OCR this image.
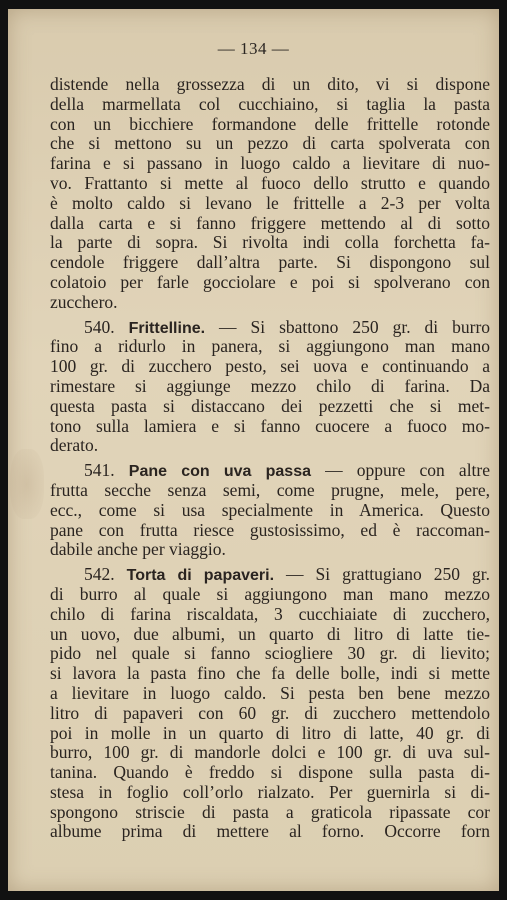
— 134 —
distende nella grossezza di un dito, vi si dispone
della marmellata col cucchiaino, si taglia la pasta
con un bicchiere formandone delle frittelle rotonde
che si mettono su un pezzo di carta spolverata con
farina e si passano in luogo caldo a lievitare di nuo-
vo. Frattanto si mette al fuoco dello strutto e quando
è molto caldo si levano le frittelle a 2-3 per volta
dalla carta e si fanno friggere mettendo al di sotto
la parte di sopra. Si rivolta indi colla forchetta fa-
cendole friggere dall’altra parte. Si dispongono sul
colatoio per farle gocciolare e poi si spolverano con
zucchero.
540. Frittelline. — Si sbattono 250 gr. di burro
fino a ridurlo in panera, si aggiungono man mano
100 gr. di zucchero pesto, sei uova e continuando a
rimestare si aggiunge mezzo chilo di farina. Da
questa pasta si distaccano dei pezzetti che si met-
tono sulla lamiera e si fanno cuocere a fuoco mo-
derato.
541. Pane con uva passa — oppure con altre
frutta secche senza semi, come prugne, mele, pere,
ecc., come si usa specialmente in America. Questo
pane con frutta riesce gustosissimo, ed è raccoman-
dabile anche per viaggio.
542. Torta di papaveri. — Si grattugiano 250 gr.
di burro al quale si aggiungono man mano mezzo
chilo di farina riscaldata, 3 cucchiaiate di zucchero,
un uovo, due albumi, un quarto di litro di latte tie-
pido nel quale si fanno sciogliere 30 gr. di lievito;
si lavora la pasta fino che fa delle bolle, indi si mette
a lievitare in luogo caldo. Si pesta ben bene mezzo
litro di papaveri con 60 gr. di zucchero mettendolo
poi in molle in un quarto di litro di latte, 40 gr. di
burro, 100 gr. di mandorle dolci e 100 gr. di uva sul-
tanina. Quando è freddo si dispone sulla pasta di-
stesa in foglio coll’orlo rialzato. Per guernirla si di-
spongono striscie di pasta a graticola ripassate cor
albume prima di mettere al forno. Occorre forn
